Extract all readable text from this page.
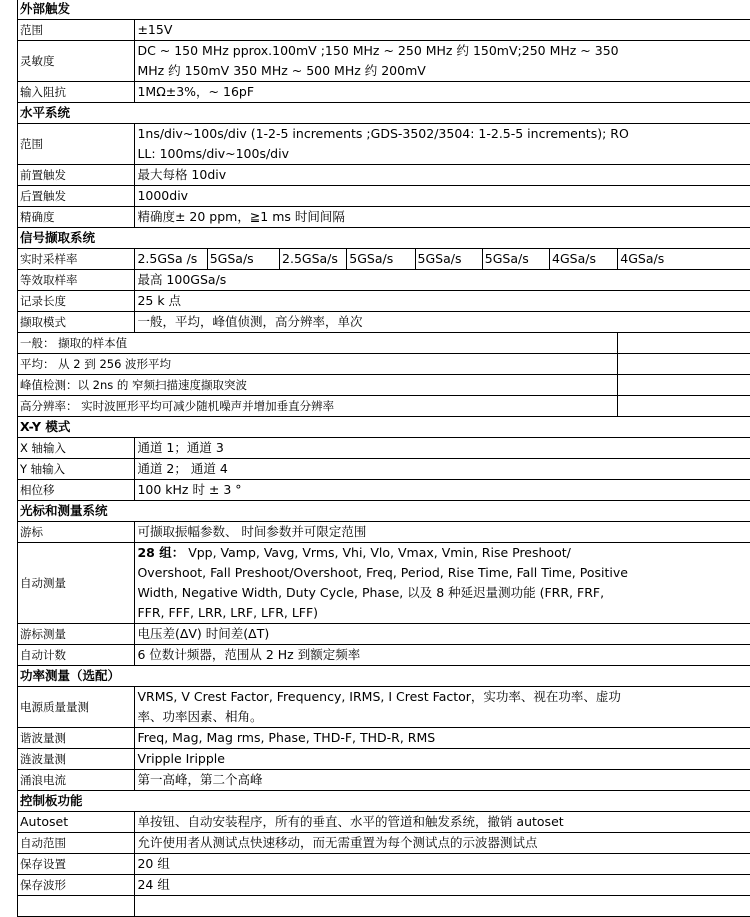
外部触发								
范围	±15V							
灵敏度	DC ~ 150 MHz pprox.100mV ;150 MHz ~ 250 MHz 约 150mV;250 MHz ~ 350 MHz 约 150mV 350 MHz ~ 500 MHz 约 200mV							
输入阻抗	1MΩ±3%，~ 16pF							
水平系统								
范围	1ns/div~100s/div (1-2-5 increments ;GDS-3502/3504: 1-2.5-5 increments); ROLL: 100ms/div~100s/div							
前置触发	最大每格 10div							
后置触发	1000div							
精确度	精确度± 20 ppm，≧1 ms 时间间隔							
信号撷取系统								
实时采样率	2.5GSa /s	5GSa/s	2.5GSa/s	5GSa/s	5GSa/s	5GSa/s	4GSa/s	4GSa/s
等效取样率	最高 100GSa/s							
记录长度	25 k 点							
撷取模式	一般，平均，峰值侦测，高分辨率，单次							
一般： 撷取的样本值								
平均： 从 2 到 256 波形平均								
峰值检测：以 2ns 的 窄频扫描速度撷取突波								
高分辨率： 实时波匣形平均可减少随机噪声并增加垂直分辨率								
X-Y 模式								
X 轴输入	通道 1；通道 3							
Y 轴输入	通道 2； 通道 4							
相位移	100 kHz 时 ± 3 °							
光标和测量系统								
游标	可撷取振幅参数、 时间参数并可限定范围							
自动测量	28 组： Vpp, Vamp, Vavg, Vrms, Vhi, Vlo, Vmax, Vmin, Rise Preshoot/ Overshoot, Fall Preshoot/Overshoot, Freq, Period, Rise Time, Fall Time, Positive Width, Negative Width, Duty Cycle, Phase, 以及 8 种延迟量测功能 (FRR, FRF, FFR, FFF, LRR, LRF, LFR, LFF)							
游标测量	电压差(ΔV) 时间差(ΔT)							
自动计数	6 位数计频器，范围从 2 Hz 到额定频率							
功率测量（选配）								
电源质量量测	VRMS, V Crest Factor, Frequency, IRMS, I Crest Factor，实功率、视在功率、虚功率、功率因素、相角。							
谐波量测	Freq, Mag, Mag rms, Phase, THD-F, THD-R, RMS							
涟波量测	Vripple Iripple							
涌浪电流	第一高峰，第二个高峰							
控制板功能								
Autoset	单按钮、自动安装程序，所有的垂直、水平的管道和触发系统，撤销 autoset							
自动范围	允许使用者从测试点快速移动，而无需重置为每个测试点的示波器测试点							
保存设置	20 组							
保存波形	24 组							
